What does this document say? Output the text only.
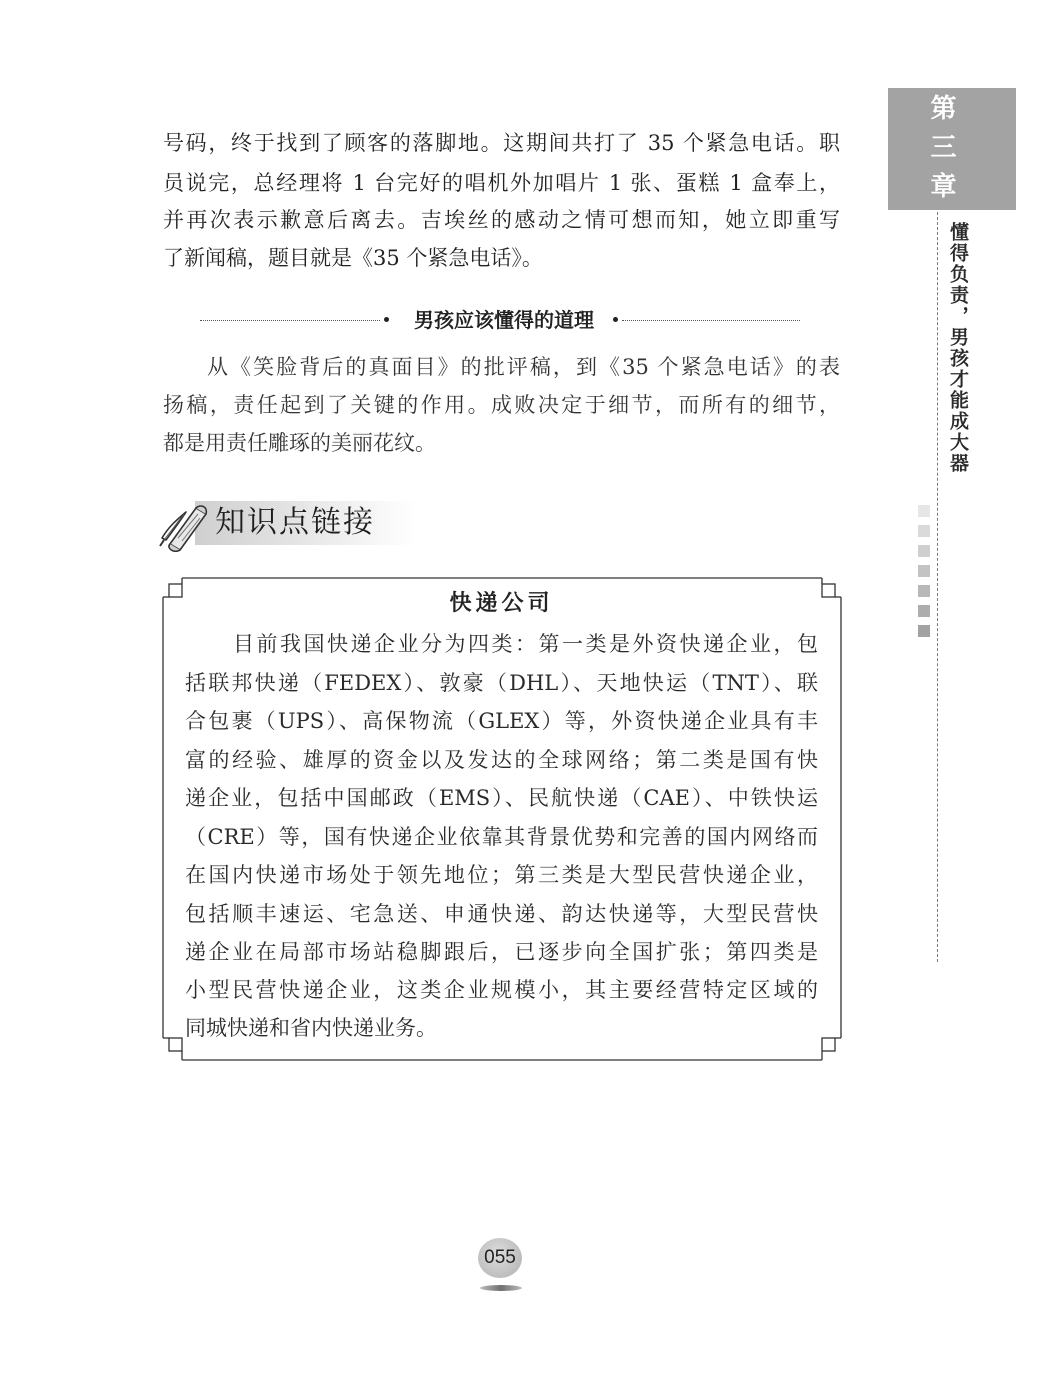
第三章
懂得负责，男孩才能成大器
号码，终于找到了顾客的落脚地。这期间共打了 35 个紧急电话。职
员说完，总经理将 1 台完好的唱机外加唱片 1 张、蛋糕 1 盒奉上，
并再次表示歉意后离去。吉埃丝的感动之情可想而知，她立即重写
了新闻稿，题目就是《35 个紧急电话》。
男孩应该懂得的道理
从《笑脸背后的真面目》的批评稿，到《35 个紧急电话》的表
扬稿，责任起到了关键的作用。成败决定于细节，而所有的细节，
都是用责任雕琢的美丽花纹。
知识点链接
快递公司
目前我国快递企业分为四类：第一类是外资快递企业，包
括联邦快递（FEDEX）、敦豪（DHL）、天地快运（TNT）、联
合包裹（UPS）、高保物流（GLEX）等，外资快递企业具有丰
富的经验、雄厚的资金以及发达的全球网络；第二类是国有快
递企业，包括中国邮政（EMS）、民航快递（CAE）、中铁快运
（CRE）等，国有快递企业依靠其背景优势和完善的国内网络而
在国内快递市场处于领先地位；第三类是大型民营快递企业，
包括顺丰速运、宅急送、申通快递、韵达快递等，大型民营快
递企业在局部市场站稳脚跟后，已逐步向全国扩张；第四类是
小型民营快递企业，这类企业规模小，其主要经营特定区域的
同城快递和省内快递业务。
055
